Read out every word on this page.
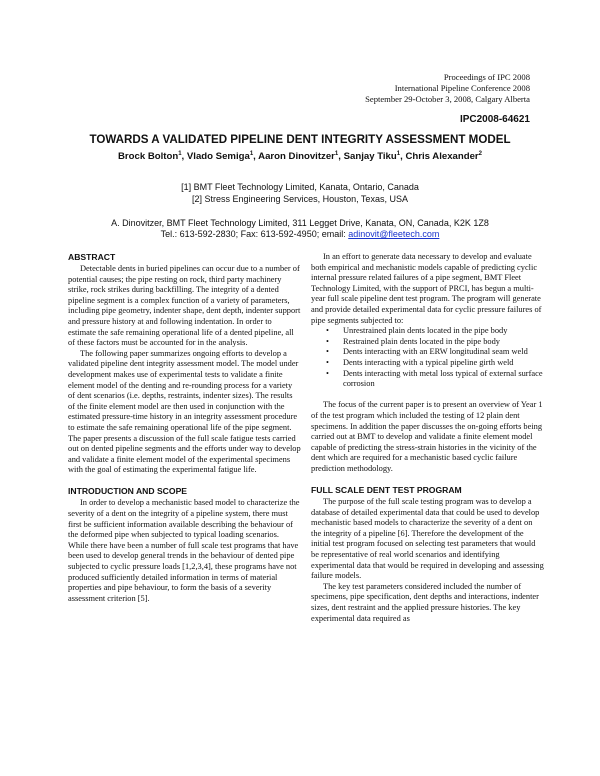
Proceedings of IPC 2008
International Pipeline Conference 2008
September 29-October 3, 2008, Calgary Alberta
IPC2008-64621
TOWARDS A VALIDATED PIPELINE DENT INTEGRITY ASSESSMENT MODEL
Brock Bolton$^1$, Vlado Semiga$^1$, Aaron Dinovitzer$^1$, Sanjay Tiku$^1$, Chris Alexander$^2$
[1] BMT Fleet Technology Limited, Kanata, Ontario, Canada
[2] Stress Engineering Services, Houston, Texas, USA
A. Dinovitzer, BMT Fleet Technology Limited, 311 Legget Drive, Kanata, ON, Canada, K2K 1Z8
Tel.: 613-592-2830; Fax: 613-592-4950; email: adinovit@fleetech.com
ABSTRACT

Detectable dents in buried pipelines can occur due to a number of potential causes; the pipe resting on rock, third party machinery strike, rock strikes during backfilling. The integrity of a dented pipeline segment is a complex function of a variety of parameters, including pipe geometry, indenter shape, dent depth, indenter support and pressure history at and following indentation. In order to estimate the safe remaining operational life of a dented pipeline, all of these factors must be accounted for in the analysis.

The following paper summarizes ongoing efforts to develop a validated pipeline dent integrity assessment model. The model under development makes use of experimental tests to validate a finite element model of the denting and re-rounding process for a variety of dent scenarios (i.e. depths, restraints, indenter sizes). The results of the finite element model are then used in conjunction with the estimated pressure-time history in an integrity assessment procedure to estimate the safe remaining operational life of the pipe segment. The paper presents a discussion of the full scale fatigue tests carried out on dented pipeline segments and the efforts under way to develop and validate a finite element model of the experimental specimens with the goal of estimating the experimental fatigue life.

INTRODUCTION AND SCOPE

In order to develop a mechanistic based model to characterize the severity of a dent on the integrity of a pipeline system, there must first be sufficient information available describing the behaviour of the deformed pipe when subjected to typical loading scenarios. While there have been a number of full scale test programs that have been used to develop general trends in the behaviour of dented pipe subjected to cyclic pressure loads [1,2,3,4], these programs have not produced sufficiently detailed information in terms of material properties and pipe behaviour, to form the basis of a severity assessment criterion [5].

In an effort to generate data necessary to develop and evaluate both empirical and mechanistic models capable of predicting cyclic internal pressure related failures of a pipe segment, BMT Fleet Technology Limited, with the support of PRCI, has begun a multi-year full scale pipeline dent test program. The program will generate and provide detailed experimental data for cyclic pressure failures of pipe segments subjected to:

• Unrestrained plain dents located in the pipe body
• Restrained plain dents located in the pipe body
• Dents interacting with an ERW longitudinal seam weld
• Dents interacting with a typical pipeline girth weld
• Dents interacting with metal loss typical of external surface corrosion

The focus of the current paper is to present an overview of Year 1 of the test program which included the testing of 12 plain dent specimens. In addition the paper discusses the on-going efforts being carried out at BMT to develop and validate a finite element model capable of predicting the stress-strain histories in the vicinity of the dent which are required for a mechanistic based cyclic failure prediction methodology.

FULL SCALE DENT TEST PROGRAM

The purpose of the full scale testing program was to develop a database of detailed experimental data that could be used to develop mechanistic based models to characterize the severity of a dent on the integrity of a pipeline [6]. Therefore the development of the initial test program focused on selecting test parameters that would be representative of real world scenarios and identifying experimental data that would be required in developing and assessing failure models.

The key test parameters considered included the number of specimens, pipe specification, dent depths and interactions, indenter sizes, dent restraint and the applied pressure histories. The key experimental data required as
